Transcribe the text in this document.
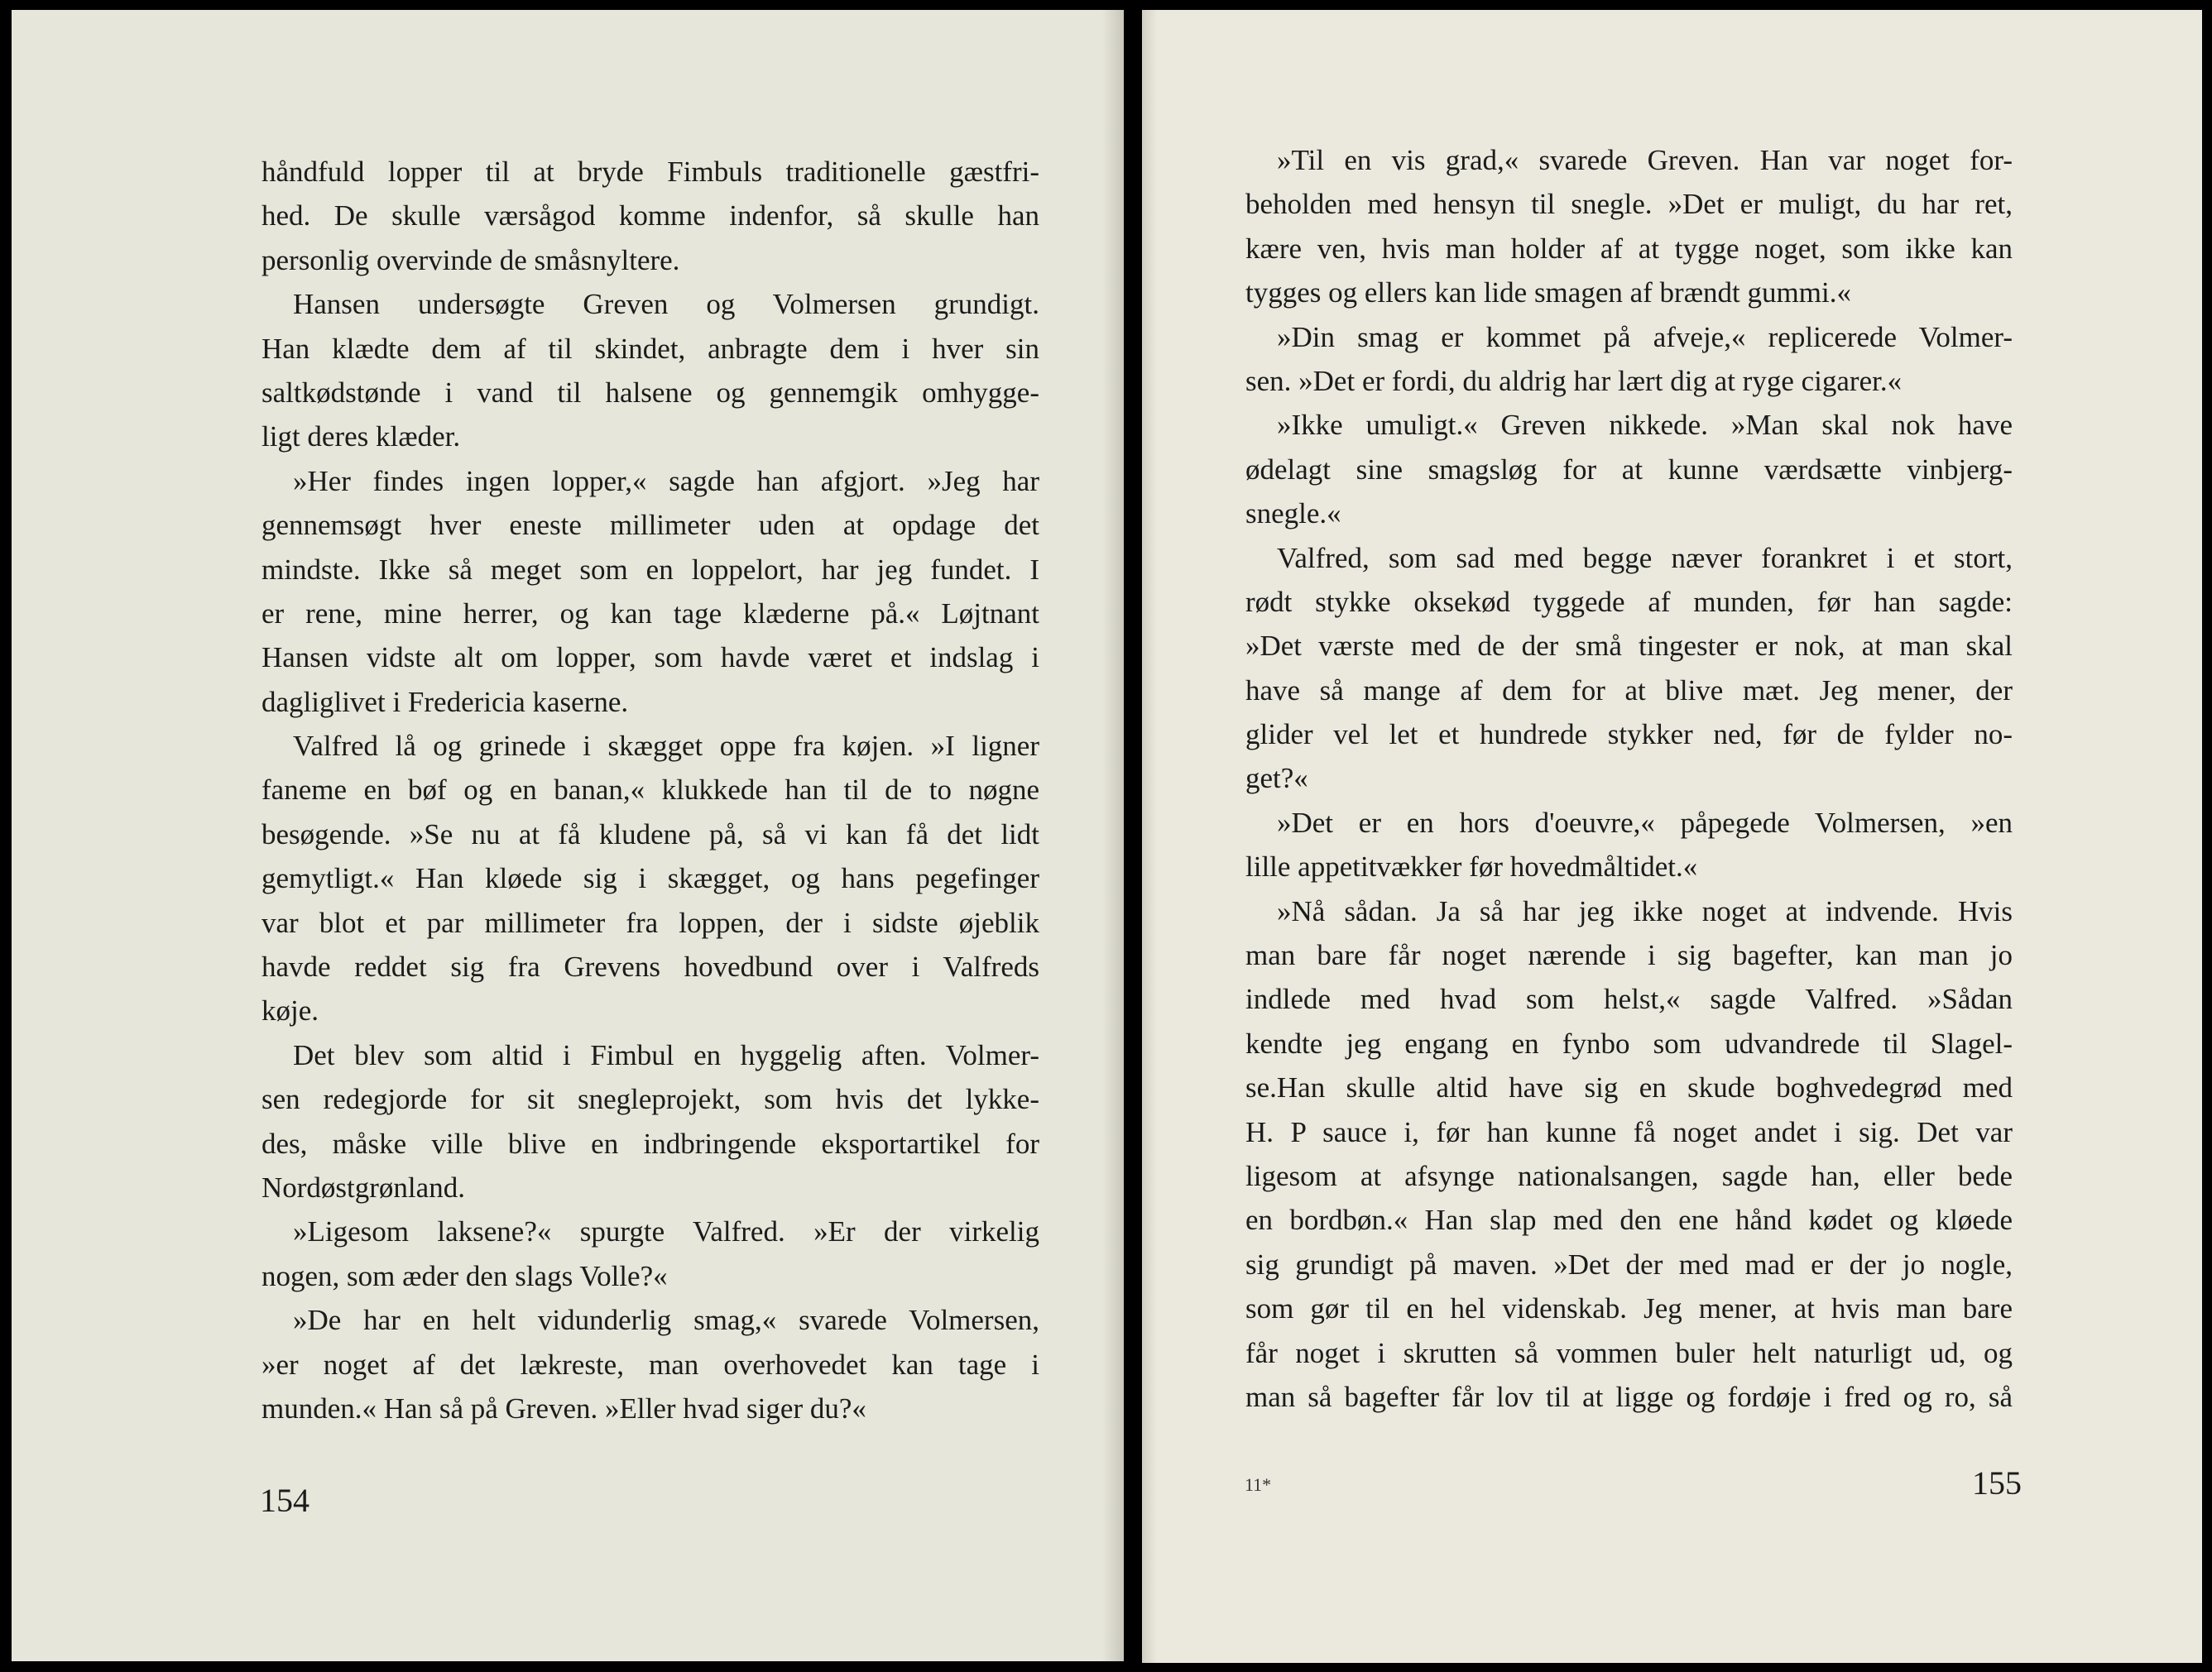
håndfuld lopper til at bryde Fimbuls traditionelle gæstfri-
hed. De skulle værsågod komme indenfor, så skulle han
personlig overvinde de småsnyltere.
Hansen undersøgte Greven og Volmersen grundigt.
Han klædte dem af til skindet, anbragte dem i hver sin
saltkødstønde i vand til halsene og gennemgik omhygge-
ligt deres klæder.
»Her findes ingen lopper,« sagde han afgjort. »Jeg har
gennemsøgt hver eneste millimeter uden at opdage det
mindste. Ikke så meget som en loppelort, har jeg fundet. I
er rene, mine herrer, og kan tage klæderne på.« Løjtnant
Hansen vidste alt om lopper, som havde været et indslag i
dagliglivet i Fredericia kaserne.
Valfred lå og grinede i skægget oppe fra køjen. »I ligner
faneme en bøf og en banan,« klukkede han til de to nøgne
besøgende. »Se nu at få kludene på, så vi kan få det lidt
gemytligt.« Han kløede sig i skægget, og hans pegefinger
var blot et par millimeter fra loppen, der i sidste øjeblik
havde reddet sig fra Grevens hovedbund over i Valfreds
køje.
Det blev som altid i Fimbul en hyggelig aften. Volmer-
sen redegjorde for sit snegleprojekt, som hvis det lykke-
des, måske ville blive en indbringende eksportartikel for
Nordøstgrønland.
»Ligesom laksene?« spurgte Valfred. »Er der virkelig
nogen, som æder den slags Volle?«
»De har en helt vidunderlig smag,« svarede Volmersen,
»er noget af det lækreste, man overhovedet kan tage i
munden.« Han så på Greven. »Eller hvad siger du?«
154
»Til en vis grad,« svarede Greven. Han var noget for-
beholden med hensyn til snegle. »Det er muligt, du har ret,
kære ven, hvis man holder af at tygge noget, som ikke kan
tygges og ellers kan lide smagen af brændt gummi.«
»Din smag er kommet på afveje,« replicerede Volmer-
sen. »Det er fordi, du aldrig har lært dig at ryge cigarer.«
»Ikke umuligt.« Greven nikkede. »Man skal nok have
ødelagt sine smagsløg for at kunne værdsætte vinbjerg-
snegle.«
Valfred, som sad med begge næver forankret i et stort,
rødt stykke oksekød tyggede af munden, før han sagde:
»Det værste med de der små tingester er nok, at man skal
have så mange af dem for at blive mæt. Jeg mener, der
glider vel let et hundrede stykker ned, før de fylder no-
get?«
»Det er en hors d'oeuvre,« påpegede Volmersen, »en
lille appetitvækker før hovedmåltidet.«
»Nå sådan. Ja så har jeg ikke noget at indvende. Hvis
man bare får noget nærende i sig bagefter, kan man jo
indlede med hvad som helst,« sagde Valfred. »Sådan
kendte jeg engang en fynbo som udvandrede til Slagel-
se.Han skulle altid have sig en skude boghvedegrød med
H. P sauce i, før han kunne få noget andet i sig. Det var
ligesom at afsynge nationalsangen, sagde han, eller bede
en bordbøn.« Han slap med den ene hånd kødet og kløede
sig grundigt på maven. »Det der med mad er der jo nogle,
som gør til en hel videnskab. Jeg mener, at hvis man bare
får noget i skrutten så vommen buler helt naturligt ud, og
man så bagefter får lov til at ligge og fordøje i fred og ro, så
11*	155
